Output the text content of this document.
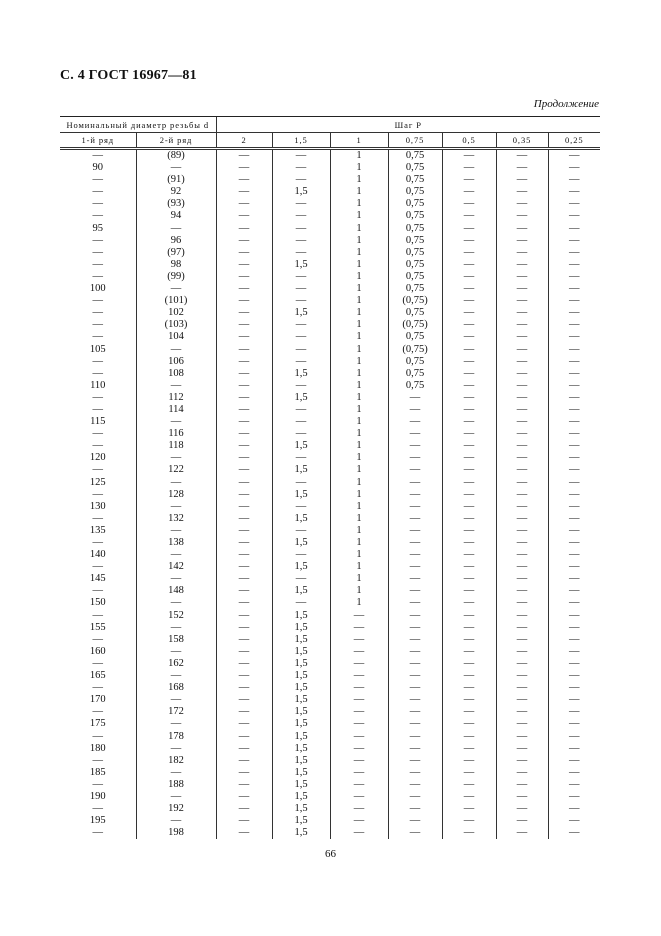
С. 4 ГОСТ 16967—81
Продолжение
Номинальный диаметр резьбы d		Шаг P						
1-й ряд	2-й ряд	2	1,5	1	0,75	0,5	0,35	0,25
—	(89)	—	—	1	0,75	—	—	—
90	—	—	—	1	0,75	—	—	—
—	(91)	—	—	1	0,75	—	—	—
—	92	—	1,5	1	0,75	—	—	—
—	(93)	—	—	1	0,75	—	—	—
—	94	—	—	1	0,75	—	—	—
95	—	—	—	1	0,75	—	—	—
—	96	—	—	1	0,75	—	—	—
—	(97)	—	—	1	0,75	—	—	—
—	98	—	1,5	1	0,75	—	—	—
—	(99)	—	—	1	0,75	—	—	—
100	—	—	—	1	0,75	—	—	—
—	(101)	—	—	1	(0,75)	—	—	—
—	102	—	1,5	1	0,75	—	—	—
—	(103)	—	—	1	(0,75)	—	—	—
—	104	—	—	1	0,75	—	—	—
105	—	—	—	1	(0,75)	—	—	—
—	106	—	—	1	0,75	—	—	—
—	108	—	1,5	1	0,75	—	—	—
110	—	—	—	1	0,75	—	—	—
—	112	—	1,5	1	—	—	—	—
—	114	—	—	1	—	—	—	—
115	—	—	—	1	—	—	—	—
—	116	—	—	1	—	—	—	—
—	118	—	1,5	1	—	—	—	—
120	—	—	—	1	—	—	—	—
—	122	—	1,5	1	—	—	—	—
125	—	—	—	1	—	—	—	—
—	128	—	1,5	1	—	—	—	—
130	—	—	—	1	—	—	—	—
—	132	—	1,5	1	—	—	—	—
135	—	—	—	1	—	—	—	—
—	138	—	1,5	1	—	—	—	—
140	—	—	—	1	—	—	—	—
—	142	—	1,5	1	—	—	—	—
145	—	—	—	1	—	—	—	—
—	148	—	1,5	1	—	—	—	—
150	—	—	—	1	—	—	—	—
—	152	—	1,5	—	—	—	—	—
155	—	—	1,5	—	—	—	—	—
—	158	—	1,5	—	—	—	—	—
160	—	—	1,5	—	—	—	—	—
—	162	—	1,5	—	—	—	—	—
165	—	—	1,5	—	—	—	—	—
—	168	—	1,5	—	—	—	—	—
170	—	—	1,5	—	—	—	—	—
—	172	—	1,5	—	—	—	—	—
175	—	—	1,5	—	—	—	—	—
—	178	—	1,5	—	—	—	—	—
180	—	—	1,5	—	—	—	—	—
—	182	—	1,5	—	—	—	—	—
185	—	—	1,5	—	—	—	—	—
—	188	—	1,5	—	—	—	—	—
190	—	—	1,5	—	—	—	—	—
—	192	—	1,5	—	—	—	—	—
195	—	—	1,5	—	—	—	—	—
—	198	—	1,5	—	—	—	—	—
66
